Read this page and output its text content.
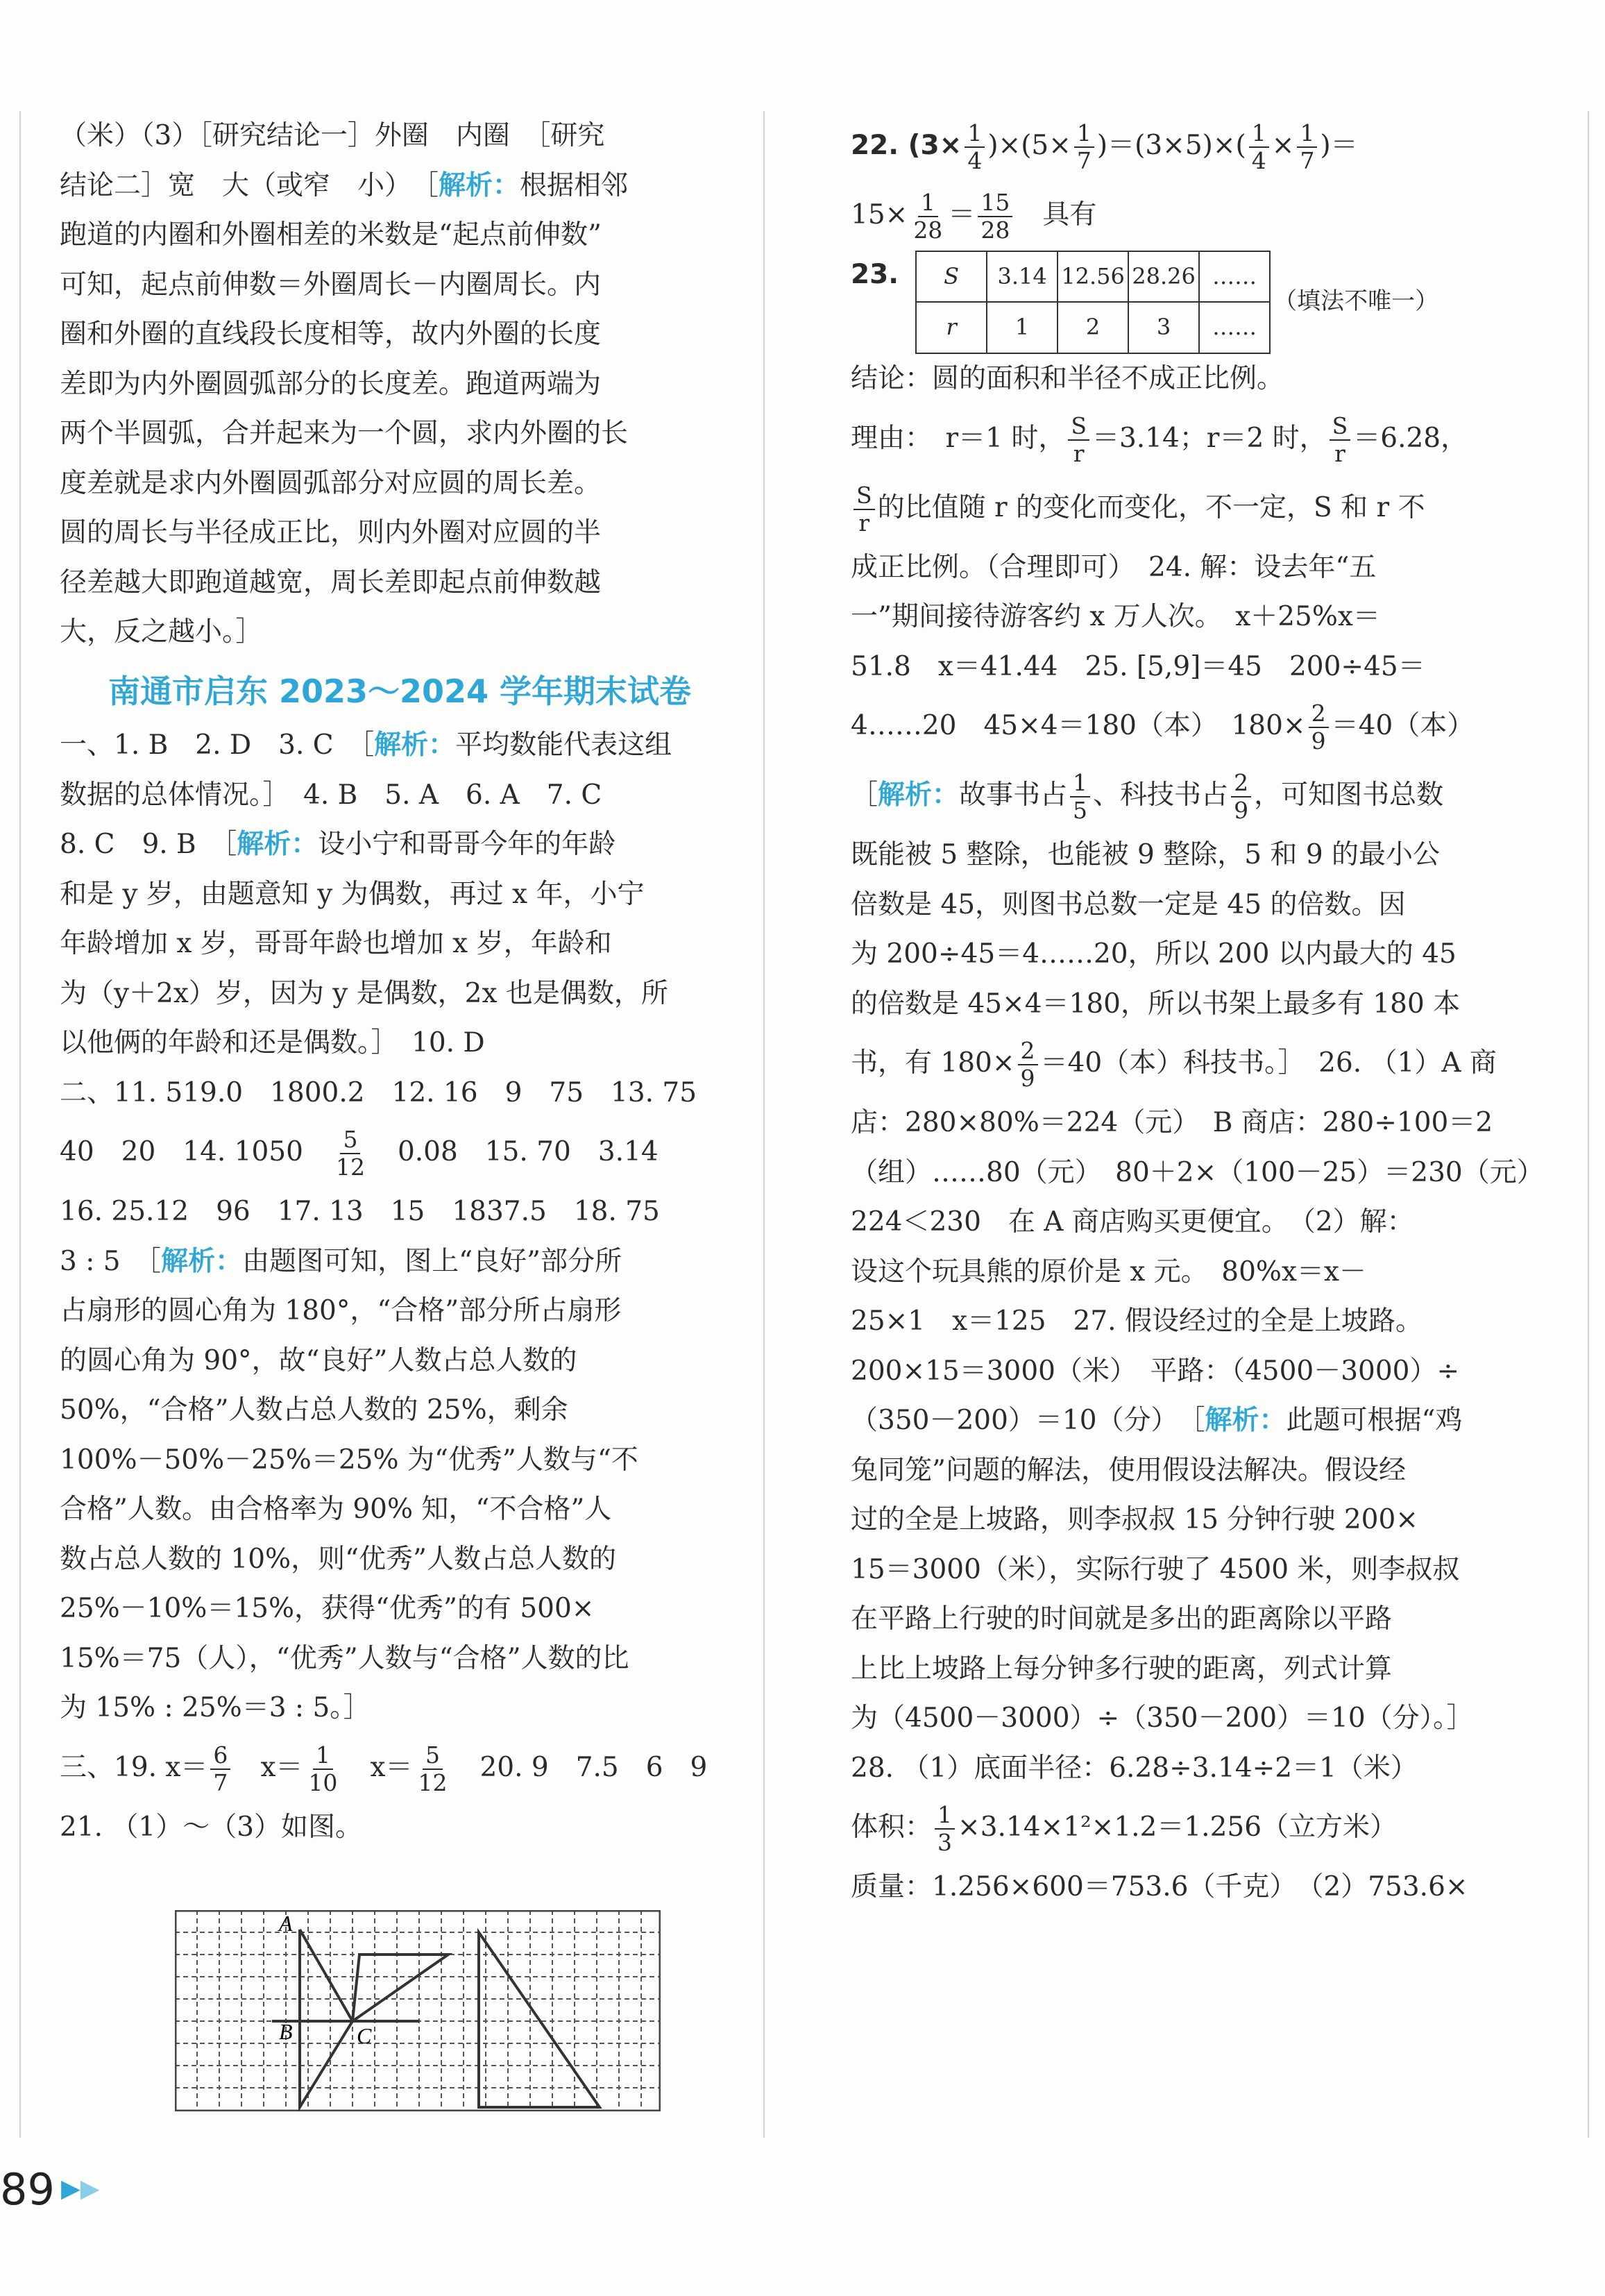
（米）（3）［研究结论一］外圈　内圈　［研究

结论二］宽　大（或窄　小）　［解析：根据相邻

跑道的内圈和外圈相差的米数是“起点前伸数”

可知，起点前伸数＝外圈周长－内圈周长。内

圈和外圈的直线段长度相等，故内外圈的长度

差即为内外圈圆弧部分的长度差。跑道两端为

两个半圆弧，合并起来为一个圆，求内外圈的长

度差就是求内外圈圆弧部分对应圆的周长差。

圆的周长与半径成正比，则内外圈对应圆的半

径差越大即跑道越宽，周长差即起点前伸数越

大，反之越小。］

南通市启东 2023～2024 学年期末试卷

一、1. B　2. D　3. C　［解析：平均数能代表这组

数据的总体情况。］　4. B　5. A　6. A　7. C

8. C　9. B　［解析：设小宁和哥哥今年的年龄

和是 y 岁，由题意知 y 为偶数，再过 x 年，小宁

年龄增加 x 岁，哥哥年龄也增加 x 岁，年龄和

为（y＋2x）岁，因为 y 是偶数，2x 也是偶数，所

以他俩的年龄和还是偶数。］　10. D

二、11. 519.0　1800.2　12. 16　9　75　13. 75

40　20　14. 1050　 $\frac{5}{12}$
　 0.08　15. 70　3.14

16. 25.12　96　17. 13　15　1837.5　18. 75

3 : 5　［解析：由题图可知，图上“良好”部分所

占扇形的圆心角为 180°，“合格”部分所占扇形

的圆心角为 90°，故“良好”人数占总人数的

50%，“合格”人数占总人数的 25%，剩余

100%－50%－25%＝25% 为“优秀”人数与“不

合格”人数。由合格率为 90% 知，“不合格”人

数占总人数的 10%，则“优秀”人数占总人数的

25%－10%＝15%，获得“优秀”的有 500×

15%＝75（人），“优秀”人数与“合格”人数的比

为 15% : 25%＝3 : 5。］

三、19. $x= \frac{6}{7}$
　 $x= \frac{1}{10}$
　 $x= \frac{5}{12}$
　 20. 9　7.5　6　9

21. （1）～（3）如图。

A
B	C

22. $(3\times \frac{1}{4} )\times(5\times \frac{1}{7} )=(3\times 5)\times( \frac{1}{4} \times \frac{1}{7}$ )＝

$15\times \frac{1}{28} = \frac{15}{28}$ 　具有

23. S	3.14	12.56	28.26	……
r	1	2	3	……
（填法不唯一）

结论：圆的面积和半径不成正比例。

理由：　r＝1 时， $\frac{S}{r} =3.14$；r＝2 时， $\frac{S}{r} =6.28$，

$\frac{S}{r}$ 的比值随 r 的变化而变化，不一定，S 和 r 不

成正比例。（合理即可）　24. 解：设去年“五

一”期间接待游客约 x 万人次。　x＋25%x＝

51.8　x＝41.44　25. [5,9]＝45　200÷45＝

4……20　45×4＝180（本）　$180\times \frac{2}{9} =40$（本）

［解析：故事书占 $\frac{1}{5}$ 、科技书占 $\frac{2}{9}$ ，可知图书总数

既能被 5 整除，也能被 9 整除，5 和 9 的最小公

倍数是 45，则图书总数一定是 45 的倍数。因

为 200÷45＝4……20，所以 200 以内最大的 45

的倍数是 45×4＝180，所以书架上最多有 180 本

书，有 $180\times \frac{2}{9} =40$（本）科技书。］　26. （1）A 商

店：280×80%＝224（元）　B 商店：280÷100＝2

（组）……80（元）　80＋2×（100－25）＝230（元）

224＜230　在 A 商店购买更便宜。　（2）解：

设这个玩具熊的原价是 x 元。　80%x＝x－

25×1　x＝125　27. 假设经过的全是上坡路。

200×15＝3000（米）　平路：（4500－3000）÷

（350－200）＝10（分）　［解析：此题可根据“鸡

兔同笼”问题的解法，使用假设法解决。假设经

过的全是上坡路，则李叔叔 15 分钟行驶 200×

15＝3000（米），实际行驶了 4500 米，则李叔叔

在平路上行驶的时间就是多出的距离除以平路

上比上坡路上每分钟多行驶的距离，列式计算

为（4500－3000）÷（350－200）＝10（分）。］

28. （1）底面半径：6.28÷3.14÷2＝1（米）

体积： $\frac{1}{3} \times 3.14\times 1^2\times 1.2=1.256$（立方米）

质量：1.256×600＝753.6（千克）　（2）753.6×

89 ▶▶
